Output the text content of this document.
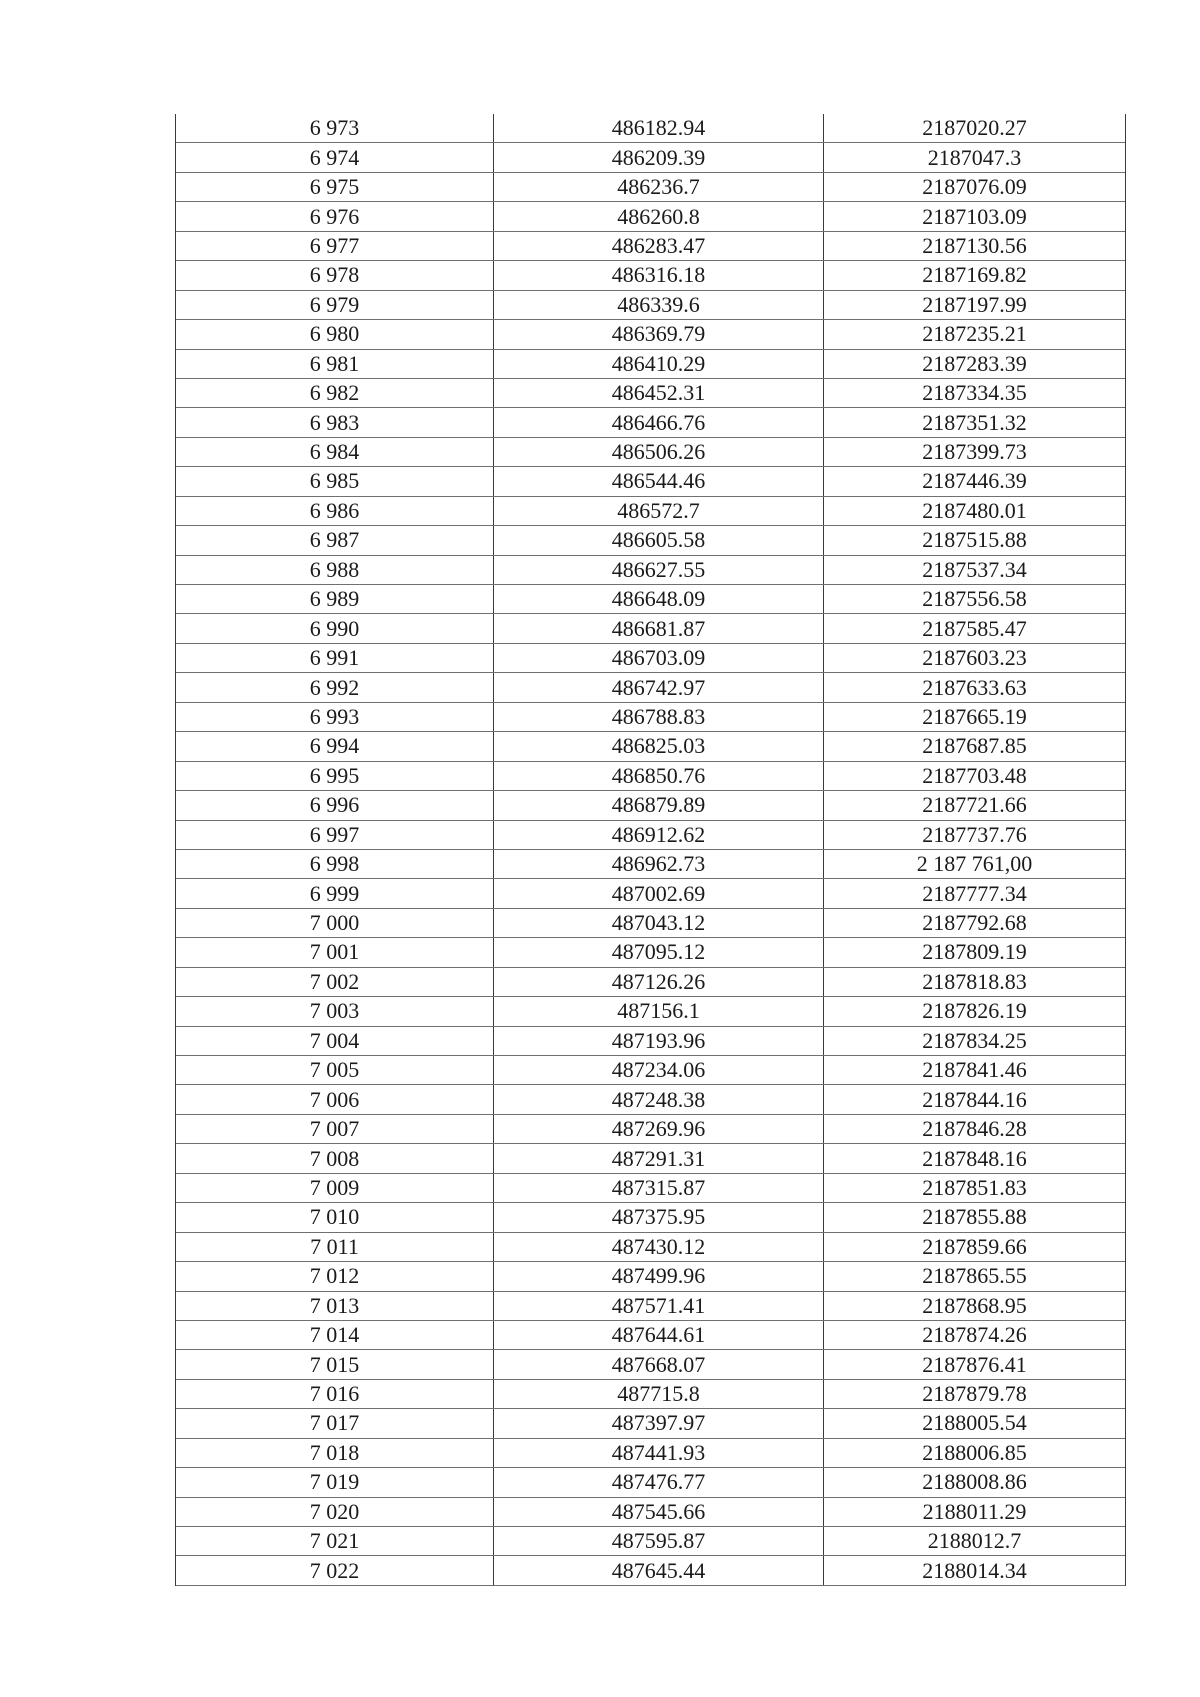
6 973	486182.94	2187020.27
6 974	486209.39	2187047.3
6 975	486236.7	2187076.09
6 976	486260.8	2187103.09
6 977	486283.47	2187130.56
6 978	486316.18	2187169.82
6 979	486339.6	2187197.99
6 980	486369.79	2187235.21
6 981	486410.29	2187283.39
6 982	486452.31	2187334.35
6 983	486466.76	2187351.32
6 984	486506.26	2187399.73
6 985	486544.46	2187446.39
6 986	486572.7	2187480.01
6 987	486605.58	2187515.88
6 988	486627.55	2187537.34
6 989	486648.09	2187556.58
6 990	486681.87	2187585.47
6 991	486703.09	2187603.23
6 992	486742.97	2187633.63
6 993	486788.83	2187665.19
6 994	486825.03	2187687.85
6 995	486850.76	2187703.48
6 996	486879.89	2187721.66
6 997	486912.62	2187737.76
6 998	486962.73	2 187 761,00
6 999	487002.69	2187777.34
7 000	487043.12	2187792.68
7 001	487095.12	2187809.19
7 002	487126.26	2187818.83
7 003	487156.1	2187826.19
7 004	487193.96	2187834.25
7 005	487234.06	2187841.46
7 006	487248.38	2187844.16
7 007	487269.96	2187846.28
7 008	487291.31	2187848.16
7 009	487315.87	2187851.83
7 010	487375.95	2187855.88
7 011	487430.12	2187859.66
7 012	487499.96	2187865.55
7 013	487571.41	2187868.95
7 014	487644.61	2187874.26
7 015	487668.07	2187876.41
7 016	487715.8	2187879.78
7 017	487397.97	2188005.54
7 018	487441.93	2188006.85
7 019	487476.77	2188008.86
7 020	487545.66	2188011.29
7 021	487595.87	2188012.7
7 022	487645.44	2188014.34
